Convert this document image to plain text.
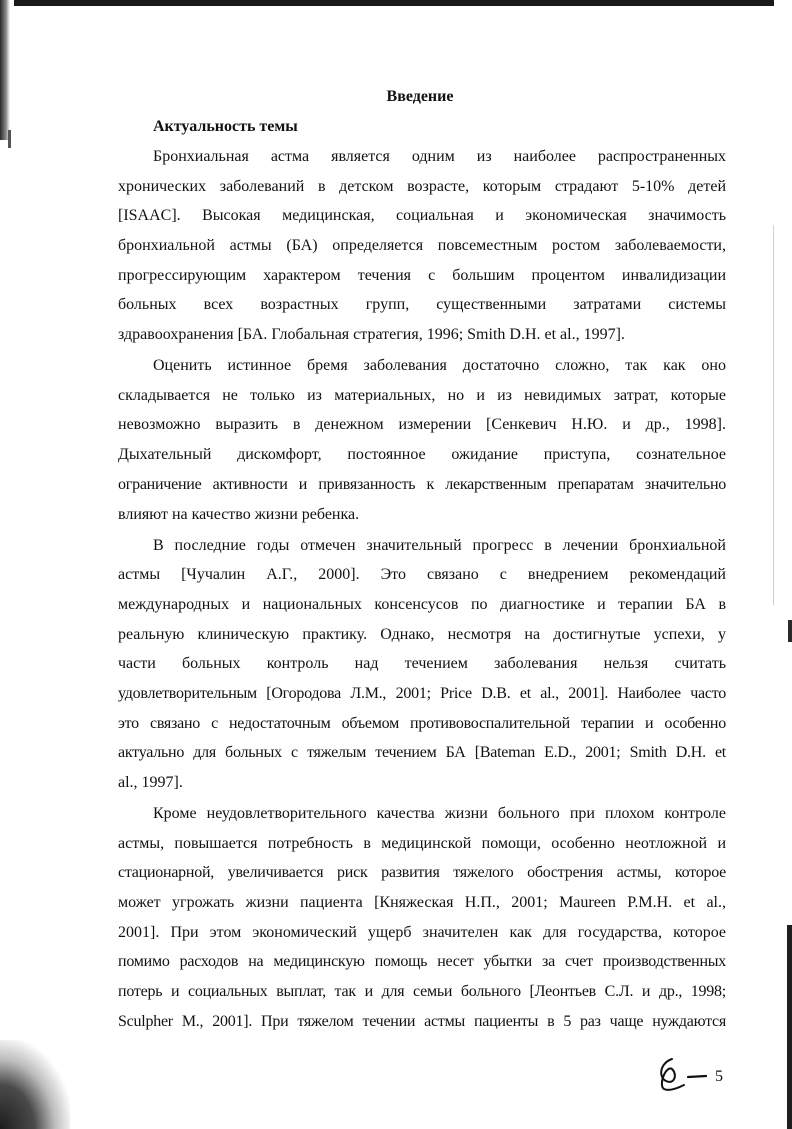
Введение
Актуальность темы
Бронхиальная астма является одним из наиболее распространенных
хронических заболеваний в детском возрасте, которым страдают 5-10% детей
[ISAAC]. Высокая медицинская, социальная и экономическая значимость
бронхиальной астмы (БА) определяется повсеместным ростом заболеваемости,
прогрессирующим характером течения с большим процентом инвалидизации
больных всех возрастных групп, существенными затратами системы
здравоохранения [БА. Глобальная стратегия, 1996; Smith D.H. et al., 1997].
Оценить истинное бремя заболевания достаточно сложно, так как оно
складывается не только из материальных, но и из невидимых затрат, которые
невозможно выразить в денежном измерении [Сенкевич Н.Ю. и др., 1998].
Дыхательный дискомфорт, постоянное ожидание приступа, сознательное
ограничение активности и привязанность к лекарственным препаратам значительно
влияют на качество жизни ребенка.
В последние годы отмечен значительный прогресс в лечении бронхиальной
астмы [Чучалин А.Г., 2000]. Это связано с внедрением рекомендаций
международных и национальных консенсусов по диагностике и терапии БА в
реальную клиническую практику. Однако, несмотря на достигнутые успехи, у
части больных контроль над течением заболевания нельзя считать
удовлетворительным [Огородова Л.М., 2001; Price D.B. et al., 2001]. Наиболее часто
это связано с недостаточным объемом противовоспалительной терапии и особенно
актуально для больных с тяжелым течением БА [Bateman E.D., 2001; Smith D.H. et
al., 1997].
Кроме неудовлетворительного качества жизни больного при плохом контроле
астмы, повышается потребность в медицинской помощи, особенно неотложной и
стационарной, увеличивается риск развития тяжелого обострения астмы, которое
может угрожать жизни пациента [Княжеская Н.П., 2001; Maureen P.M.H. et al.,
2001]. При этом экономический ущерб значителен как для государства, которое
помимо расходов на медицинскую помощь несет убытки за счет производственных
потерь и социальных выплат, так и для семьи больного [Леонтьев С.Л. и др., 1998;
Sculpher M., 2001]. При тяжелом течении астмы пациенты в 5 раз чаще нуждаются
5
